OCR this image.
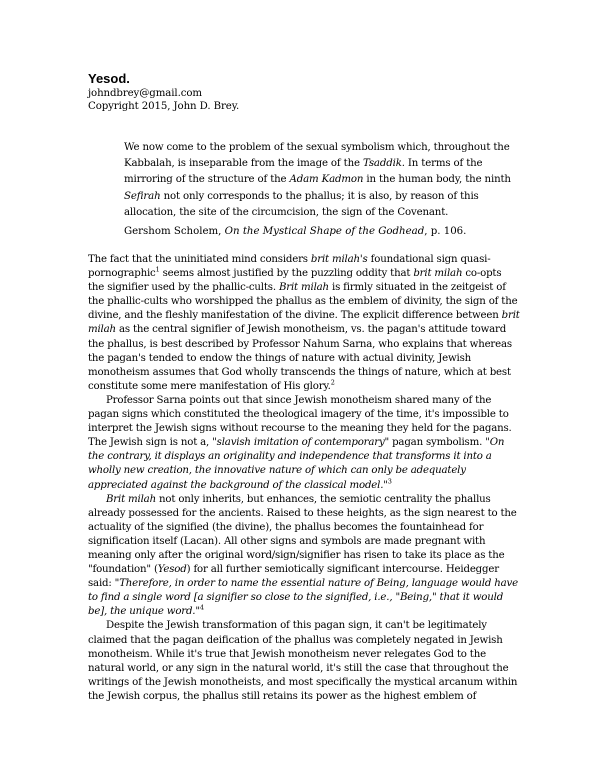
Yesod.
johndbrey@gmail.com
Copyright 2015, John D. Brey.
We now come to the problem of the sexual symbolism which, throughout the Kabbalah, is inseparable from the image of the Tsaddik. In terms of the mirroring of the structure of the Adam Kadmon in the human body, the ninth Sefirah not only corresponds to the phallus; it is also, by reason of this allocation, the site of the circumcision, the sign of the Covenant.
Gershom Scholem, On the Mystical Shape of the Godhead, p. 106.

The fact that the uninitiated mind considers brit milah's foundational sign quasi-pornographic$^1$ seems almost justified by the puzzling oddity that brit milah co-opts the signifier used by the phallic-cults. Brit milah is firmly situated in the zeitgeist of the phallic-cults who worshipped the phallus as the emblem of divinity, the sign of the divine, and the fleshly manifestation of the divine. The explicit difference between brit milah as the central signifier of Jewish monotheism, vs. the pagan's attitude toward the phallus, is best described by Professor Nahum Sarna, who explains that whereas the pagan's tended to endow the things of nature with actual divinity, Jewish monotheism assumes that God wholly transcends the things of nature, which at best constitute some mere manifestation of His glory.$^2$

Professor Sarna points out that since Jewish monotheism shared many of the pagan signs which constituted the theological imagery of the time, it's impossible to interpret the Jewish signs without recourse to the meaning they held for the pagans. The Jewish sign is not a, "slavish imitation of contemporary" pagan symbolism. "On the contrary, it displays an originality and independence that transforms it into a wholly new creation, the innovative nature of which can only be adequately appreciated against the background of the classical model."$^3$

Brit milah not only inherits, but enhances, the semiotic centrality the phallus already possessed for the ancients. Raised to these heights, as the sign nearest to the actuality of the signified (the divine), the phallus becomes the fountainhead for signification itself (Lacan). All other signs and symbols are made pregnant with meaning only after the original word/sign/signifier has risen to take its place as the "foundation" (Yesod) for all further semiotically significant intercourse. Heidegger said: "Therefore, in order to name the essential nature of Being, language would have to find a single word [a signifier so close to the signified, i.e., "Being," that it would be], the unique word."$^4$

Despite the Jewish transformation of this pagan sign, it can't be legitimately claimed that the pagan deification of the phallus was completely negated in Jewish monotheism. While it's true that Jewish monotheism never relegates God to the natural world, or any sign in the natural world, it's still the case that throughout the writings of the Jewish monotheists, and most specifically the mystical arcanum within the Jewish corpus, the phallus still retains its power as the highest emblem of
